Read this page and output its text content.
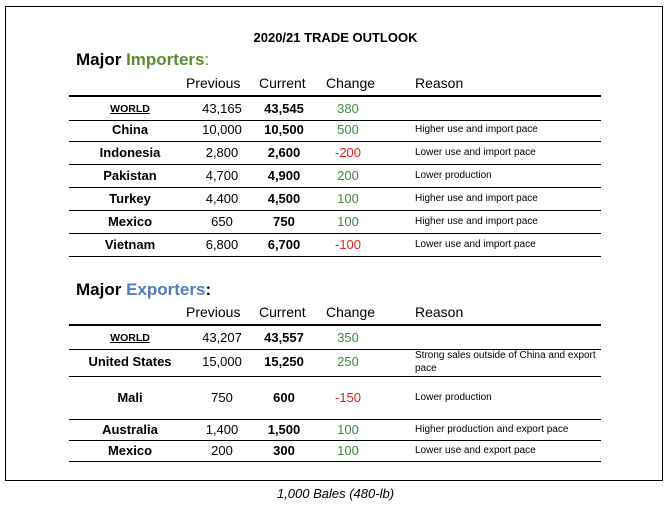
2020/21 TRADE OUTLOOK
Major Importers:
Previous Current Change	Reason
WORLD	43,165	43,545	380
China	10,000	10,500	500	Higher use and import pace
Indonesia	2,800	2,600	-200	Lower use and import pace
Pakistan	4,700	4,900	200	Lower production
Turkey	4,400	4,500	100	Higher use and import pace
Mexico	650	750	100	Higher use and import pace
Vietnam	6,800	6,700	-100	Lower use and import pace
Major Exporters:
Previous Current Change	Reason
WORLD	43,207	43,557	350
United States	15,000	15,250	250	Strong sales outside of China and export pace
Mali	750	600	-150	Lower production
Australia	1,400	1,500	100	Higher production and export pace
Mexico	200	300	100	Lower use and export pace
1,000 Bales (480-lb)
